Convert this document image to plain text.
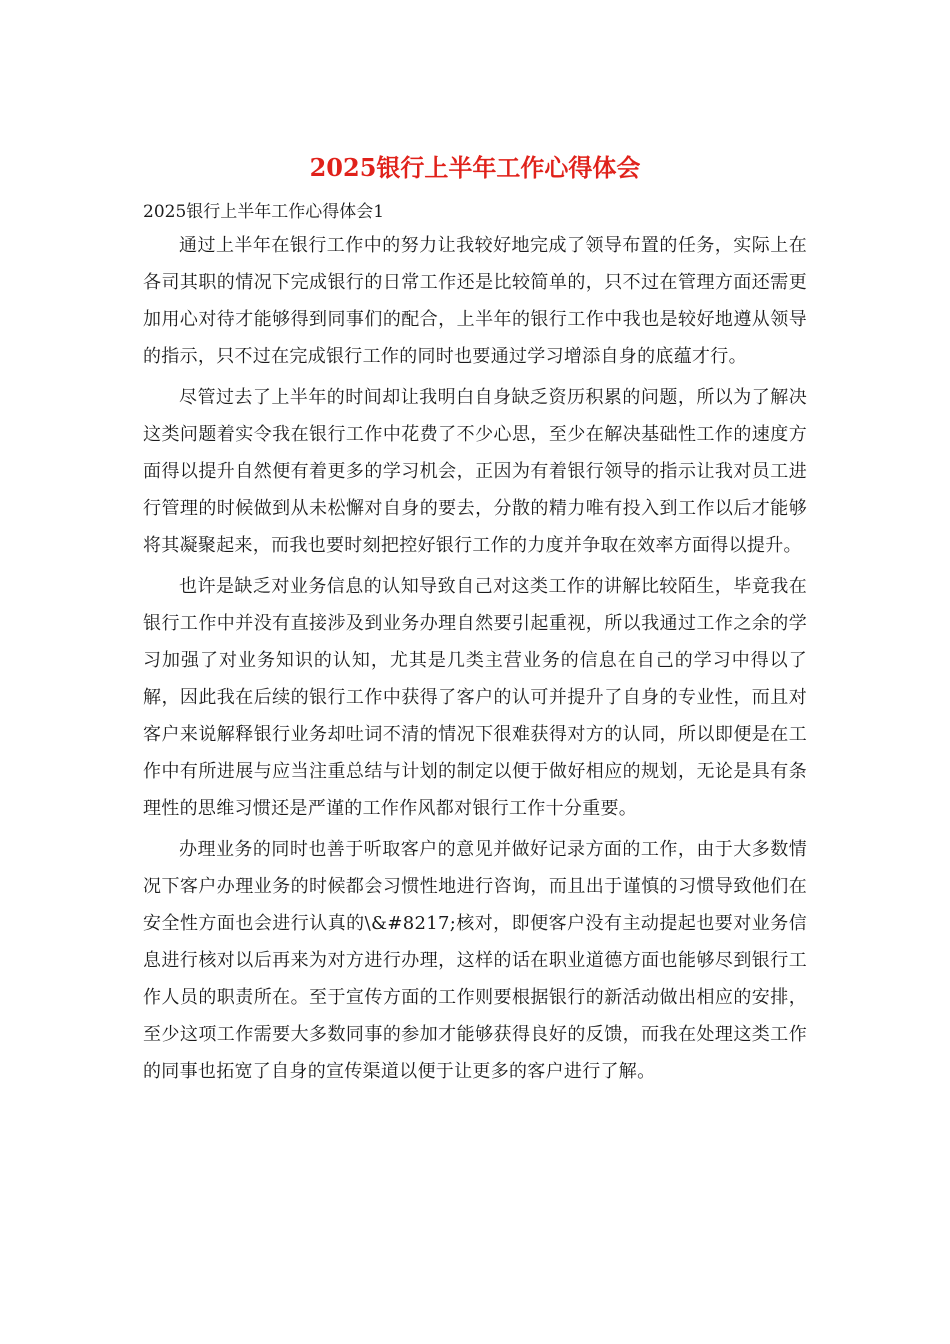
2025银行上半年工作心得体会
2025银行上半年工作心得体会1

通过上半年在银行工作中的努力让我较好地完成了领导布置的任务，实际上在各司其职的情况下完成银行的日常工作还是比较简单的，只不过在管理方面还需更加用心对待才能够得到同事们的配合，上半年的银行工作中我也是较好地遵从领导的指示，只不过在完成银行工作的同时也要通过学习增添自身的底蕴才行。

尽管过去了上半年的时间却让我明白自身缺乏资历积累的问题，所以为了解决这类问题着实令我在银行工作中花费了不少心思，至少在解决基础性工作的速度方面得以提升自然便有着更多的学习机会，正因为有着银行领导的指示让我对员工进行管理的时候做到从未松懈对自身的要去，分散的精力唯有投入到工作以后才能够将其凝聚起来，而我也要时刻把控好银行工作的力度并争取在效率方面得以提升。

也许是缺乏对业务信息的认知导致自己对这类工作的讲解比较陌生，毕竟我在银行工作中并没有直接涉及到业务办理自然要引起重视，所以我通过工作之余的学习加强了对业务知识的认知，尤其是几类主营业务的信息在自己的学习中得以了解，因此我在后续的银行工作中获得了客户的认可并提升了自身的专业性，而且对客户来说解释银行业务却吐词不清的情况下很难获得对方的认同，所以即便是在工作中有所进展与应当注重总结与计划的制定以便于做好相应的规划，无论是具有条理性的思维习惯还是严谨的工作作风都对银行工作十分重要。

办理业务的同时也善于听取客户的意见并做好记录方面的工作，由于大多数情况下客户办理业务的时候都会习惯性地进行咨询，而且出于谨慎的习惯导致他们在安全性方面也会进行认真的\&#8217;核对，即便客户没有主动提起也要对业务信息进行核对以后再来为对方进行办理，这样的话在职业道德方面也能够尽到银行工作人员的职责所在。至于宣传方面的工作则要根据银行的新活动做出相应的安排，至少这项工作需要大多数同事的参加才能够获得良好的反馈，而我在处理这类工作的同事也拓宽了自身的宣传渠道以便于让更多的客户进行了解。
